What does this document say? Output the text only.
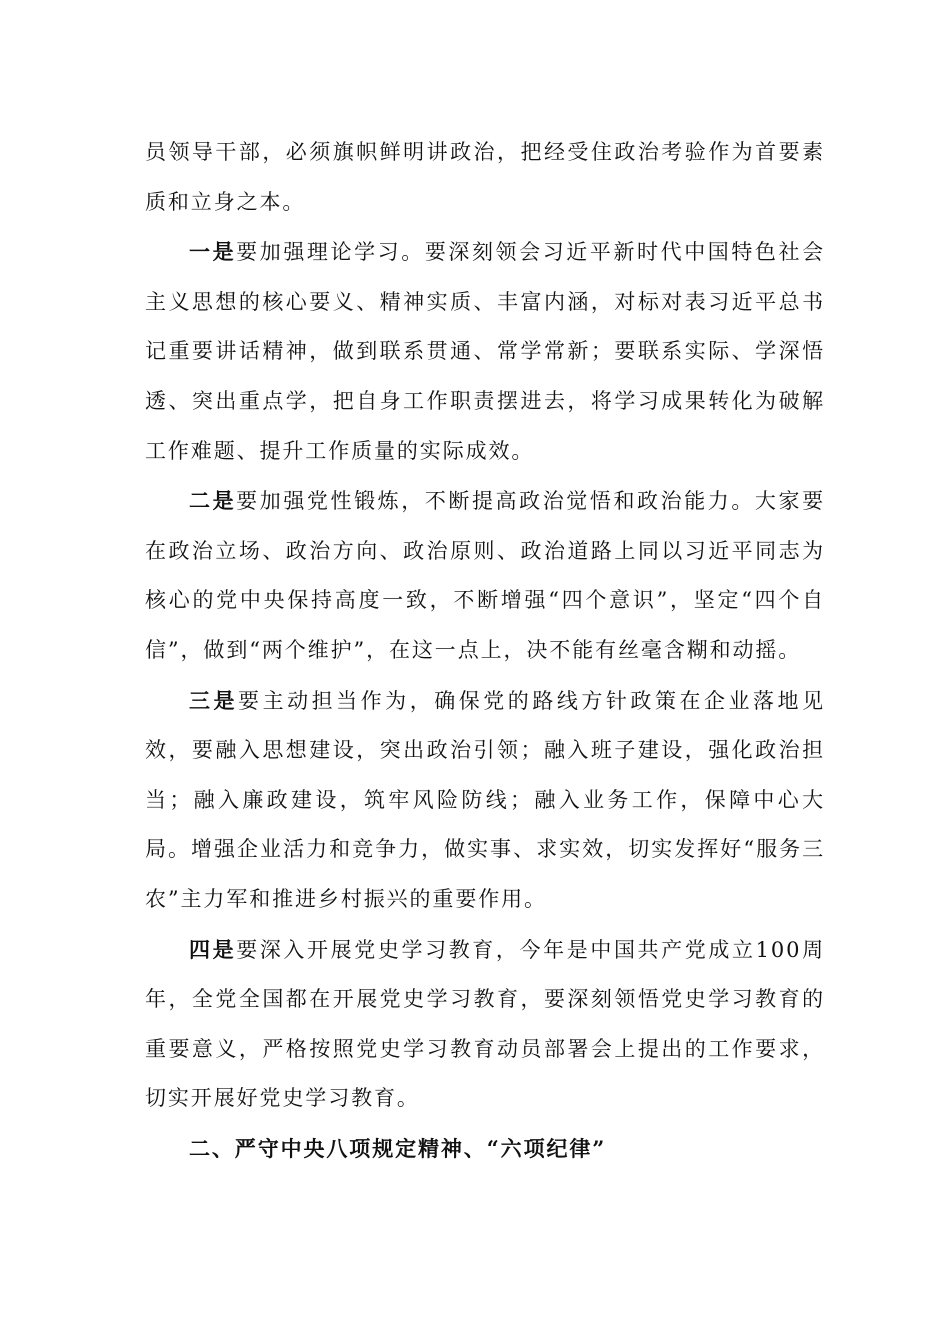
员领导干部，必须旗帜鲜明讲政治，把经受住政治考验作为首要素质和立身之本。

一是要加强理论学习。要深刻领会习近平新时代中国特色社会主义思想的核心要义、精神实质、丰富内涵，对标对表习近平总书记重要讲话精神，做到联系贯通、常学常新；要联系实际、学深悟透、突出重点学，把自身工作职责摆进去，将学习成果转化为破解工作难题、提升工作质量的实际成效。

二是要加强党性锻炼，不断提高政治觉悟和政治能力。大家要在政治立场、政治方向、政治原则、政治道路上同以习近平同志为核心的党中央保持高度一致，不断增强“四个意识”，坚定“四个自信”，做到“两个维护”，在这一点上，决不能有丝毫含糊和动摇。

三是要主动担当作为，确保党的路线方针政策在企业落地见效，要融入思想建设，突出政治引领；融入班子建设，强化政治担当；融入廉政建设，筑牢风险防线；融入业务工作，保障中心大局。增强企业活力和竞争力，做实事、求实效，切实发挥好“服务三农”主力军和推进乡村振兴的重要作用。

四是要深入开展党史学习教育，今年是中国共产党成立100周年，全党全国都在开展党史学习教育，要深刻领悟党史学习教育的重要意义，严格按照党史学习教育动员部署会上提出的工作要求，切实开展好党史学习教育。

二、严守中央八项规定精神、“六项纪律”
